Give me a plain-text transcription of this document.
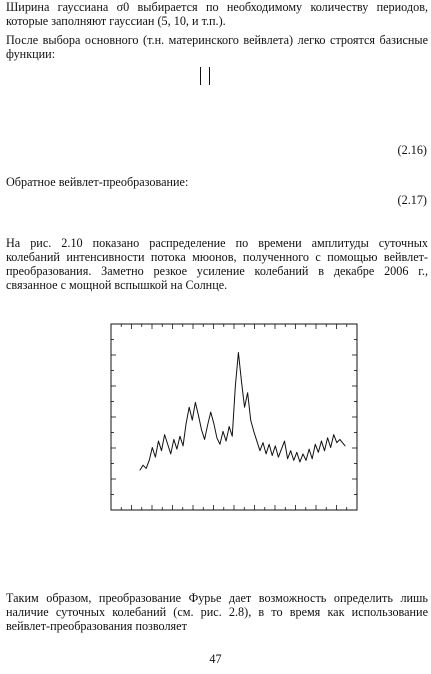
Ширина гауссиана σ0 выбирается по необходимому количеству периодов, которые заполняют гауссиан (5, 10, и т.п.).
После выбора основного (т.н. материнского вейвлета) легко строятся базисные функции:
(2.16)
Обратное вейвлет-преобразование:
(2.17)
На рис. 2.10 показано распределение по времени амплитуды суточных колебаний интенсивности потока мюонов, полученного с помощью вейвлет-преобразования. Заметно резкое усиление колебаний в декабре 2006 г., связанное с мощной вспышкой на Солнце.
Таким образом, преобразование Фурье дает возможность определить лишь наличие суточных колебаний (см. рис. 2.8), в то время как использование вейвлет-преобразования позволяет
47
